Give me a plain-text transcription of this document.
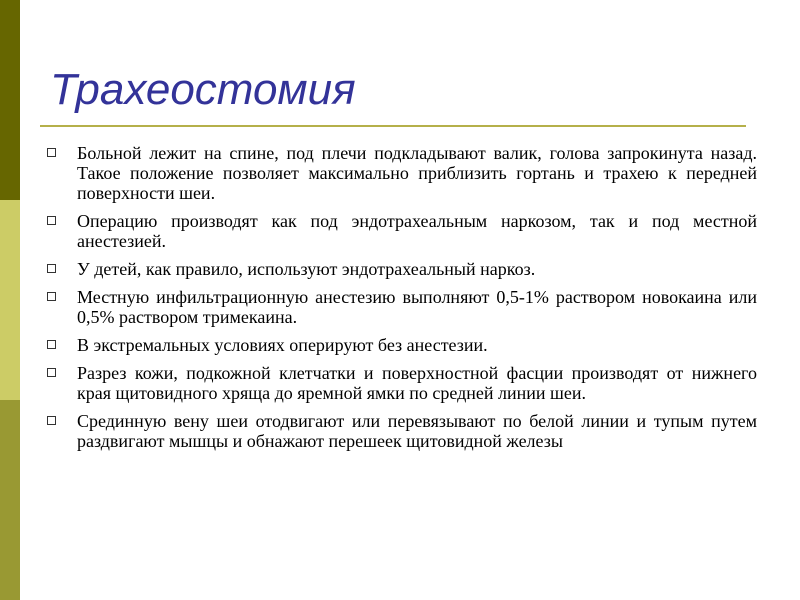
Трахеостомия
Больной лежит на спине, под плечи подкладывают валик, голова запрокинута назад. Такое положение позволяет максимально приблизить гортань и трахею к передней поверхности шеи.
Операцию производят как под эндотрахеальным наркозом, так и под местной анестезией.
У детей, как правило, используют эндотрахеальный наркоз.
Местную инфильтрационную анестезию выполняют 0,5-1% раствором новокаина или 0,5% раствором тримекаина.
В экстремальных условиях оперируют без анестезии.
Разрез кожи, подкожной клетчатки и поверхностной фасции производят от нижнего края щитовидного хряща до яремной ямки по средней линии шеи.
Срединную вену шеи отодвигают или перевязывают по белой линии и тупым путем раздвигают мышцы и обнажают перешеек щитовидной железы
